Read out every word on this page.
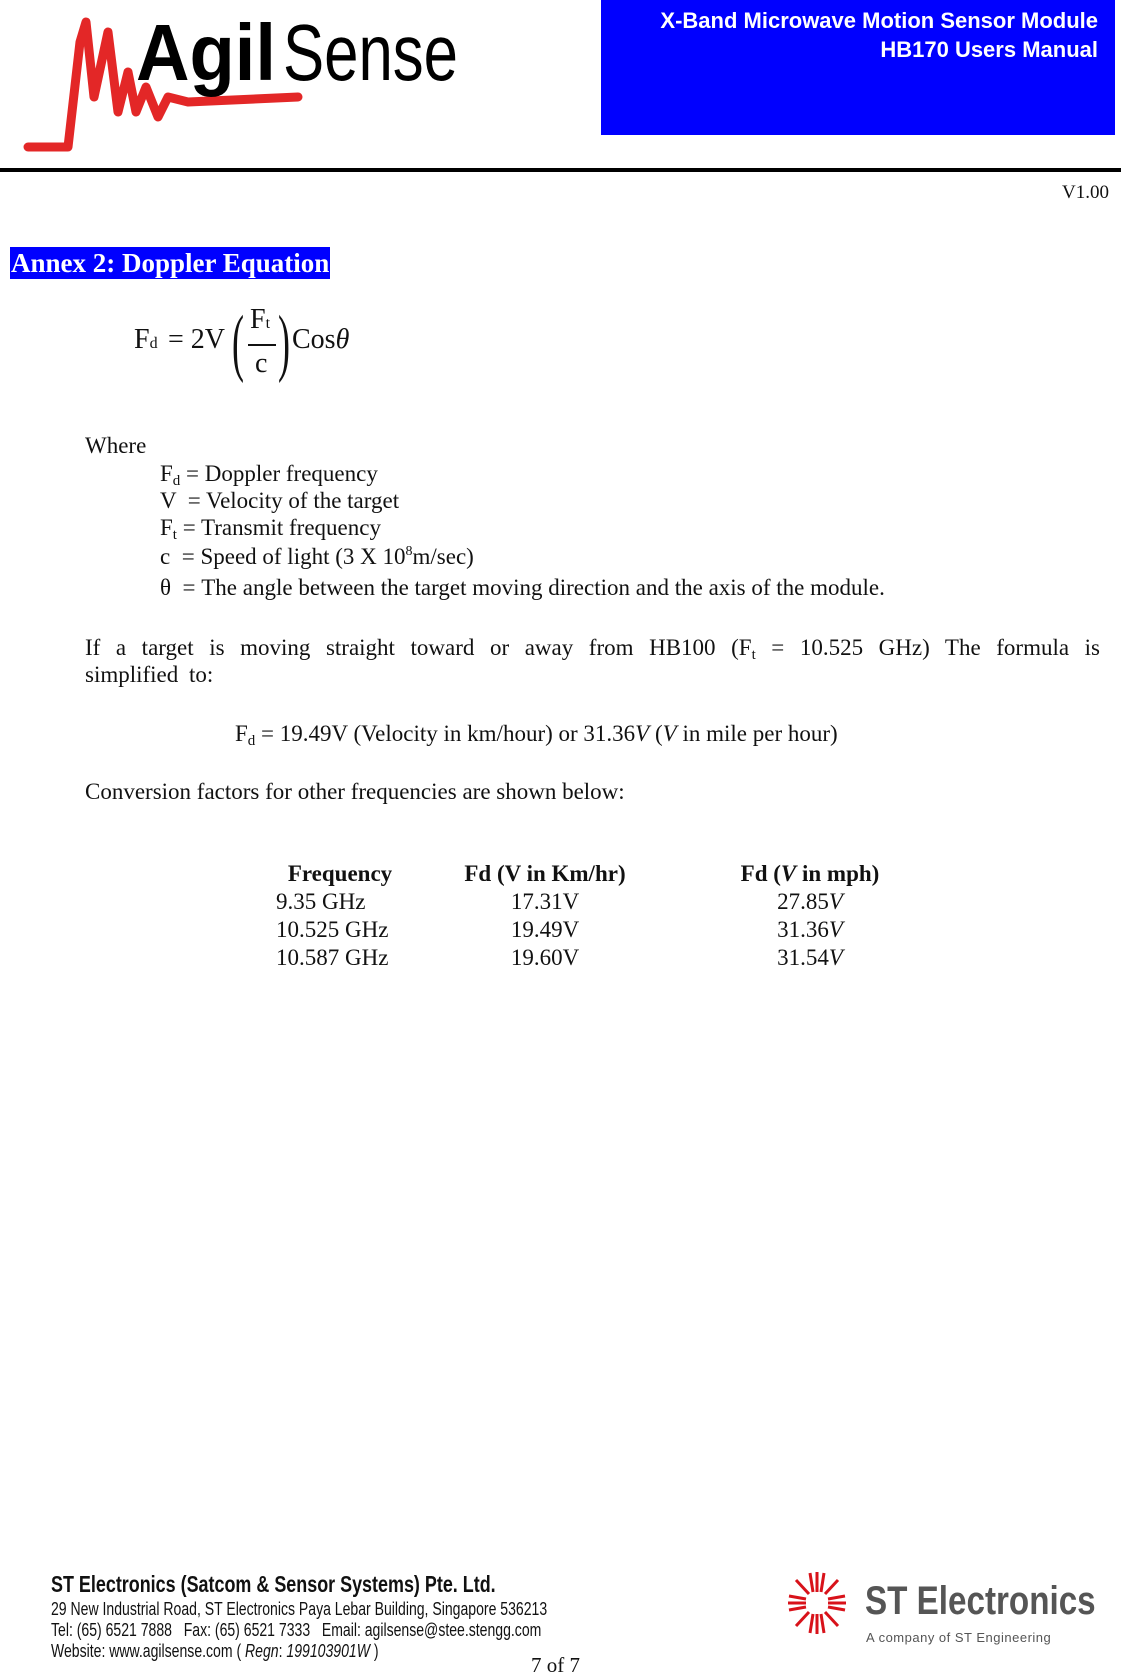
Agil Sense	X-Band Microwave Motion Sensor Module
HB170 Users Manual
V1.00
Annex 2: Doppler Equation
Fd = 2V ( Ft
c ) Cosθ
Where
$F_d$ = Doppler frequency
V  = Velocity of the target
$F_t$ = Transmit frequency
c  = Speed of light (3 X $10^8m/\sec$)
θ  = The angle between the target moving direction and the axis of the module.
If a target is moving straight toward or away from HB100 ($F_t = 10.525$ GHz) The formula is simplified to:
$F_d = 19.49V$ (Velocity in km/hour) or 31.36V (V in mile per hour)
Conversion factors for other frequencies are shown below:
Frequency	Fd (V in Km/hr)	Fd (V in mph)
9.35 GHz	17.31V	27.85V
10.525 GHz	19.49V	31.36V
10.587 GHz	19.60V	31.54V
ST Electronics (Satcom & Sensor Systems) Pte. Ltd.
29 New Industrial Road, ST Electronics Paya Lebar Building, Singapore 536213
Tel: (65) 6521 7888   Fax: (65) 6521 7333   Email: agilsense@stee.stengg.com
Website: www.agilsense.com ( Regn: 199103901W )
7 of 7
ST Electronics
A company of ST Engineering
